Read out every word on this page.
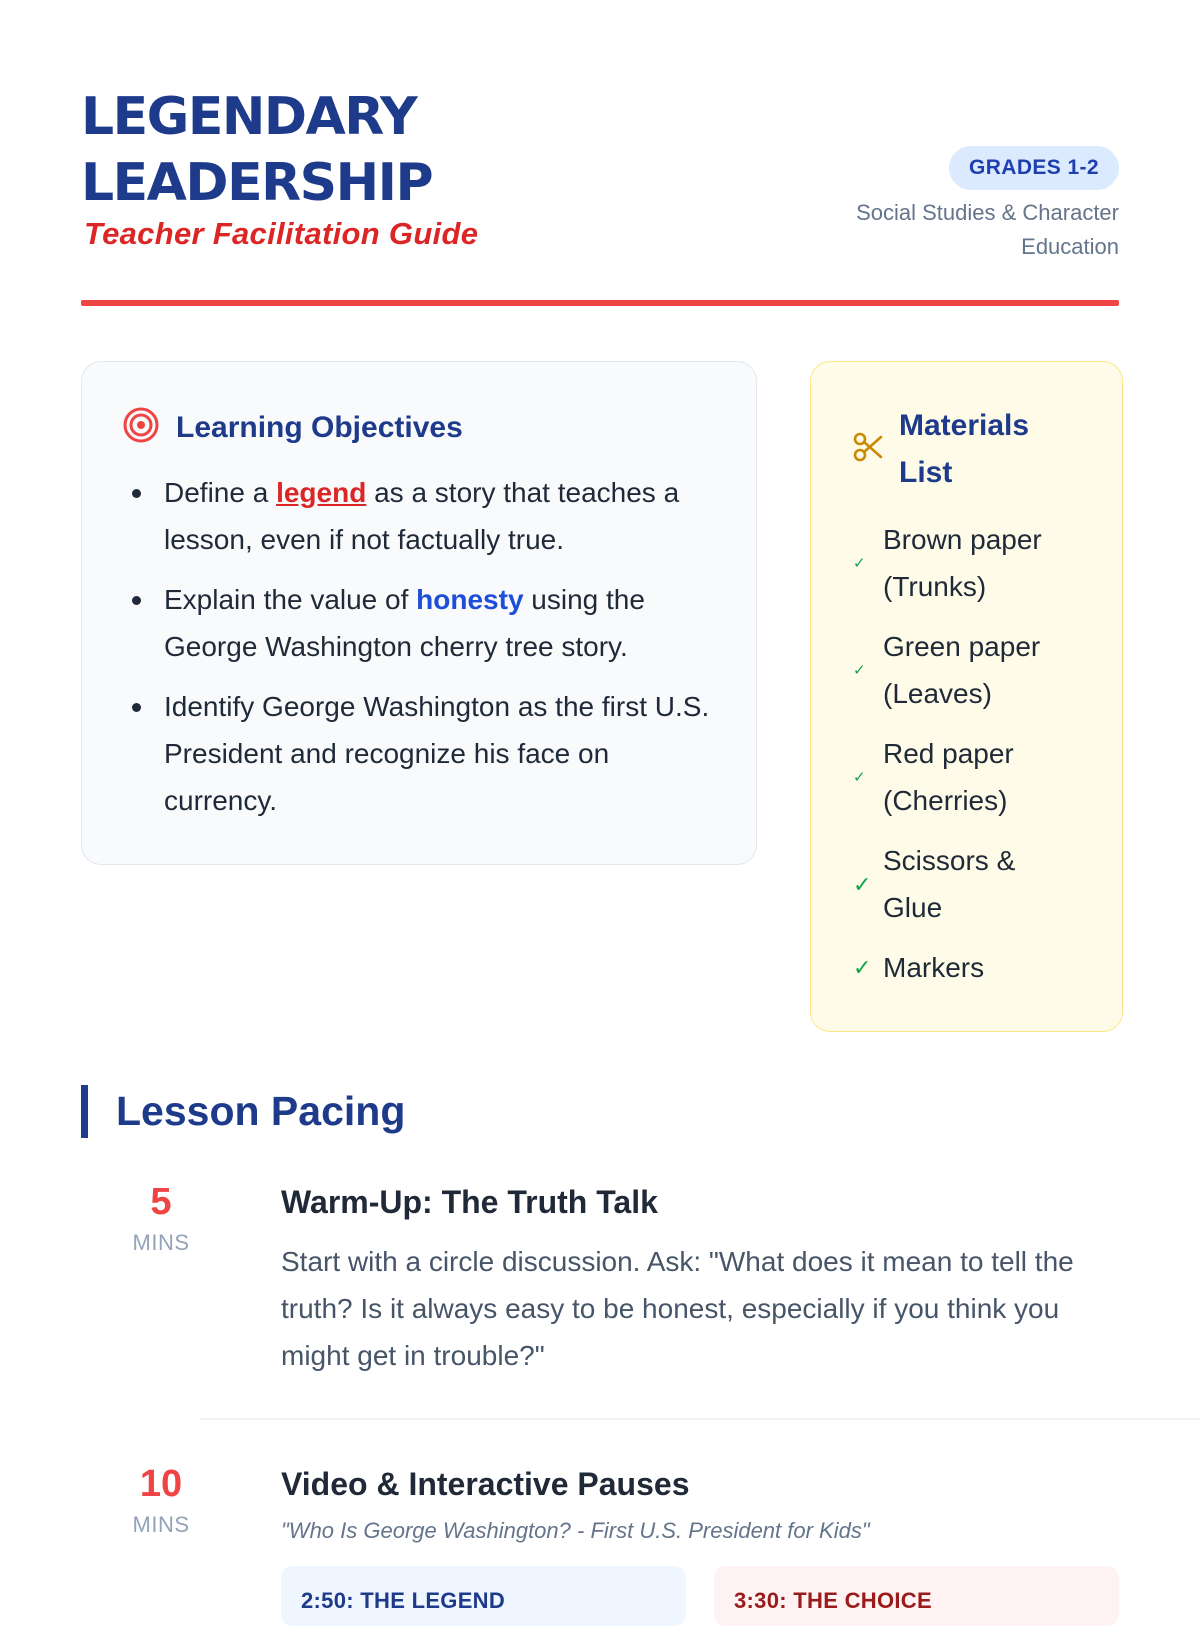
LEGENDARY
LEADERSHIP
Teacher Facilitation Guide
GRADES 1-2
Social Studies & Character
Education
Learning Objectives
Define a legend as a story that teaches a lesson, even if not factually true.
Explain the value of honesty using the George Washington cherry tree story.
Identify George Washington as the first U.S. President and recognize his face on currency.
Materials
List
✓
Brown paper
(Trunks)
✓
Green paper
(Leaves)
✓
Red paper
(Cherries)
✓
Scissors &
Glue
✓ Markers
Lesson Pacing
5
MINS
Warm-Up: The Truth Talk
Start with a circle discussion. Ask: "What does it mean to tell the truth? Is it always easy to be honest, especially if you think you might get in trouble?"
10
MINS
Video & Interactive Pauses
"Who Is George Washington? - First U.S. President for Kids"
2:50: THE LEGEND	3:30: THE CHOICE
